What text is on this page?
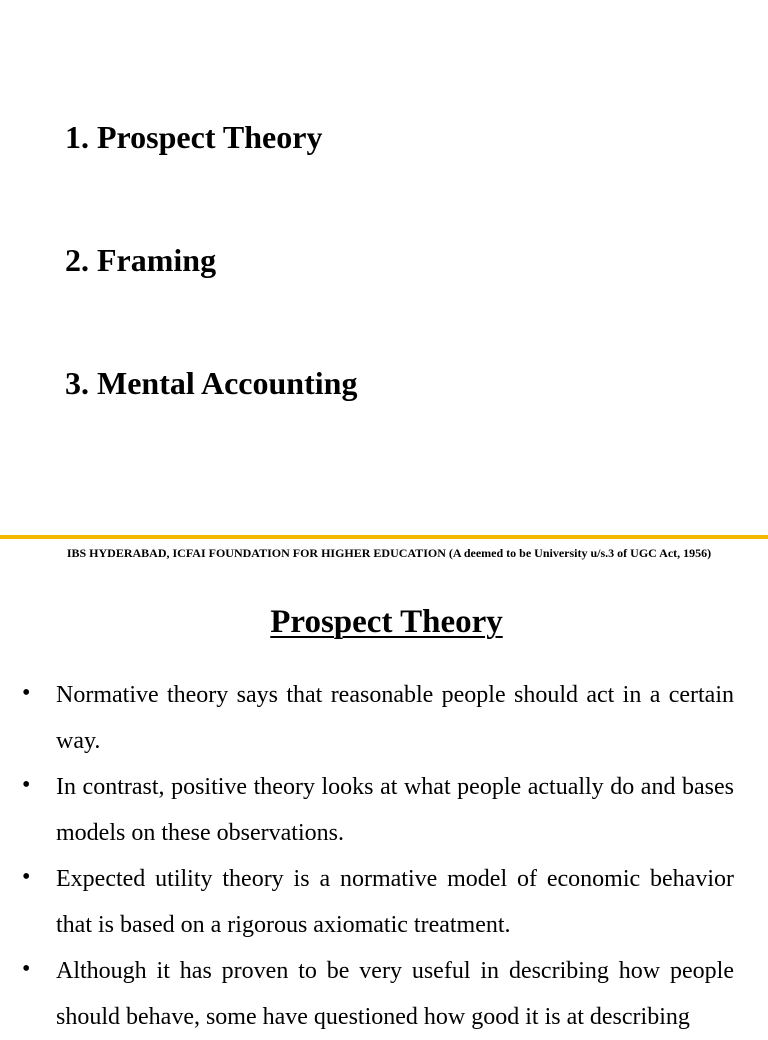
1. Prospect Theory
2. Framing
3. Mental Accounting
IBS HYDERABAD, ICFAI FOUNDATION FOR HIGHER EDUCATION (A deemed to be University u/s.3 of UGC Act, 1956)
Prospect Theory
• Normative theory says that reasonable people should act in a certain way.
• In contrast, positive theory looks at what people actually do and bases models on these observations.
• Expected utility theory is a normative model of economic behavior that is based on a rigorous axiomatic treatment.
• Although it has proven to be very useful in describing how people should behave, some have questioned how good it is at describing
